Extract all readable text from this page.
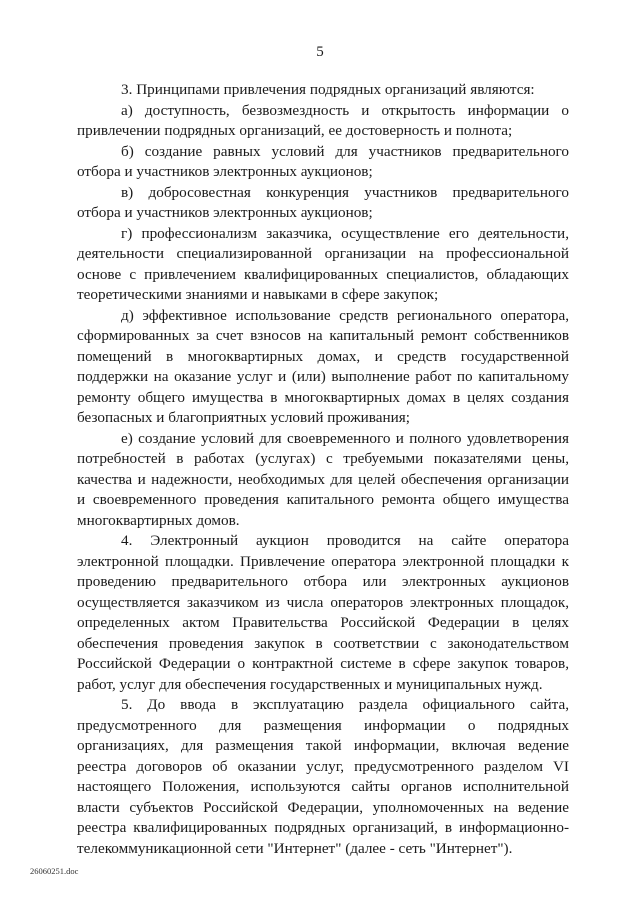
5

3. Принципами привлечения подрядных организаций являются:

а) доступность, безвозмездность и открытость информации о привлечении подрядных организаций, ее достоверность и полнота;

б) создание равных условий для участников предварительного отбора и участников электронных аукционов;

в) добросовестная конкуренция участников предварительного отбора и участников электронных аукционов;

г) профессионализм заказчика, осуществление его деятельности, деятельности специализированной организации на профессиональной основе с привлечением квалифицированных специалистов, обладающих теоретическими знаниями и навыками в сфере закупок;

д) эффективное использование средств регионального оператора, сформированных за счет взносов на капитальный ремонт собственников помещений в многоквартирных домах, и средств государственной поддержки на оказание услуг и (или) выполнение работ по капитальному ремонту общего имущества в многоквартирных домах в целях создания безопасных и благоприятных условий проживания;

е) создание условий для своевременного и полного удовлетворения потребностей в работах (услугах) с требуемыми показателями цены, качества и надежности, необходимых для целей обеспечения организации и своевременного проведения капитального ремонта общего имущества многоквартирных домов.

4. Электронный аукцион проводится на сайте оператора электронной площадки. Привлечение оператора электронной площадки к проведению предварительного отбора или электронных аукционов осуществляется заказчиком из числа операторов электронных площадок, определенных актом Правительства Российской Федерации в целях обеспечения проведения закупок в соответствии с законодательством Российской Федерации о контрактной системе в сфере закупок товаров, работ, услуг для обеспечения государственных и муниципальных нужд.

5. До ввода в эксплуатацию раздела официального сайта, предусмотренного для размещения информации о подрядных организациях, для размещения такой информации, включая ведение реестра договоров об оказании услуг, предусмотренного разделом VI настоящего Положения, используются сайты органов исполнительной власти субъектов Российской Федерации, уполномоченных на ведение реестра квалифицированных подрядных организаций, в информационно-телекоммуникационной сети "Интернет" (далее - сеть "Интернет").

26060251.doc
